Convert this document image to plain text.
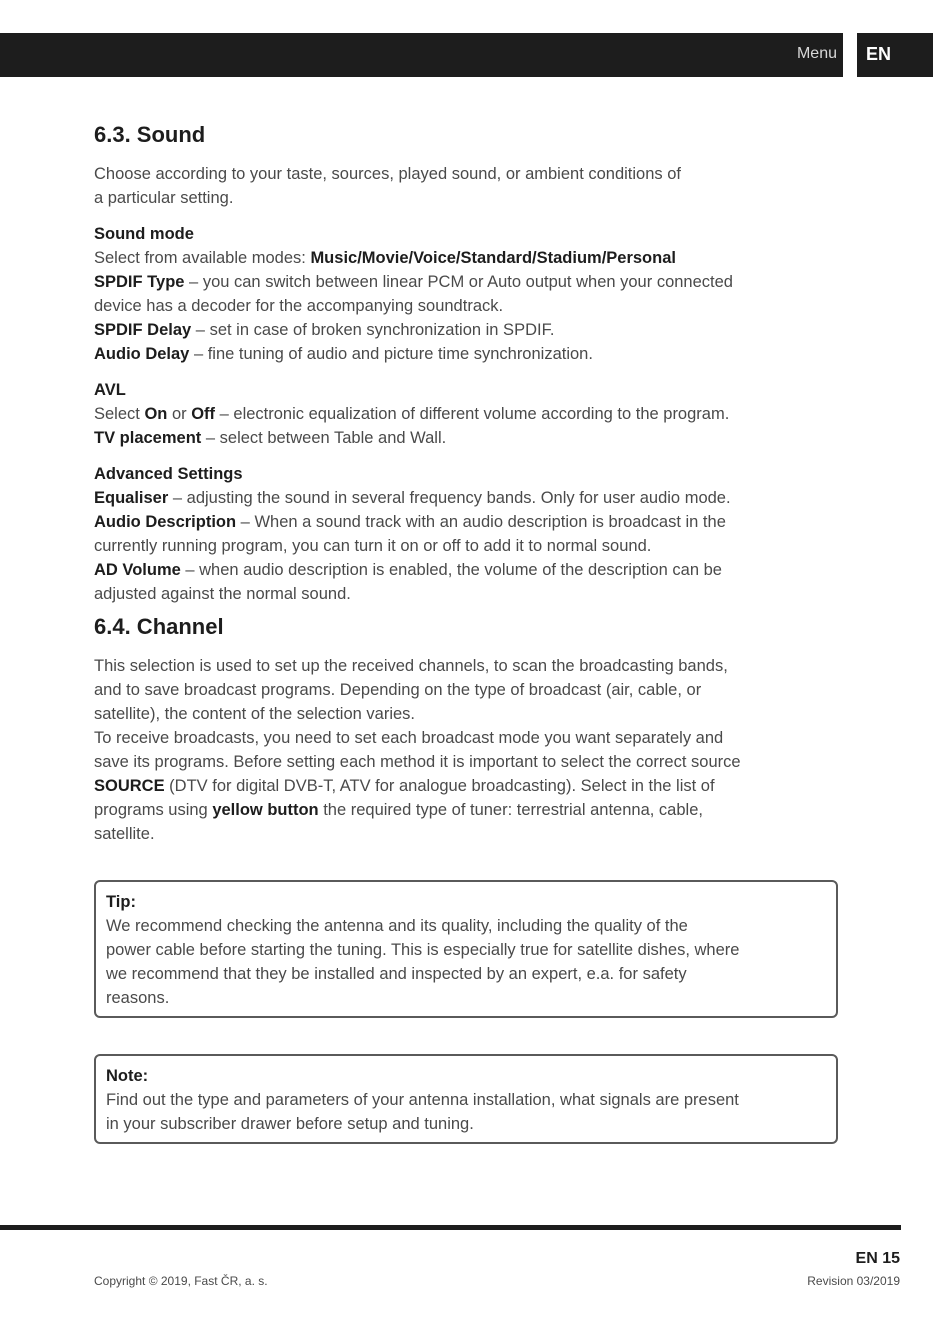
Menu	EN
6.3. Sound

Choose according to your taste, sources, played sound, or ambient conditions of

a particular setting.

Sound mode

Select from available modes: Music/Movie/Voice/Standard/Stadium/Personal

SPDIF Type – you can switch between linear PCM or Auto output when your connected

device has a decoder for the accompanying soundtrack.

SPDIF Delay – set in case of broken synchronization in SPDIF.

Audio Delay – fine tuning of audio and picture time synchronization.

AVL

Select On or Off – electronic equalization of different volume according to the program.

TV placement – select between Table and Wall.

Advanced Settings

Equaliser – adjusting the sound in several frequency bands. Only for user audio mode.

Audio Description – When a sound track with an audio description is broadcast in the

currently running program, you can turn it on or off to add it to normal sound.

AD Volume – when audio description is enabled, the volume of the description can be

adjusted against the normal sound.

6.4. Channel

This selection is used to set up the received channels, to scan the broadcasting bands,

and to save broadcast programs. Depending on the type of broadcast (air, cable, or

satellite), the content of the selection varies.

To receive broadcasts, you need to set each broadcast mode you want separately and

save its programs. Before setting each method it is important to select the correct source

SOURCE (DTV for digital DVB-T, ATV for analogue broadcasting). Select in the list of

programs using yellow button the required type of tuner: terrestrial antenna, cable,

satellite.

Tip:

We recommend checking the antenna and its quality, including the quality of the

power cable before starting the tuning. This is especially true for satellite dishes, where

we recommend that they be installed and inspected by an expert, e.a. for safety

reasons.

Note:

Find out the type and parameters of your antenna installation, what signals are present

in your subscriber drawer before setup and tuning.

Copyright © 2019, Fast ČR, a. s.
EN 15
Revision 03/2019
